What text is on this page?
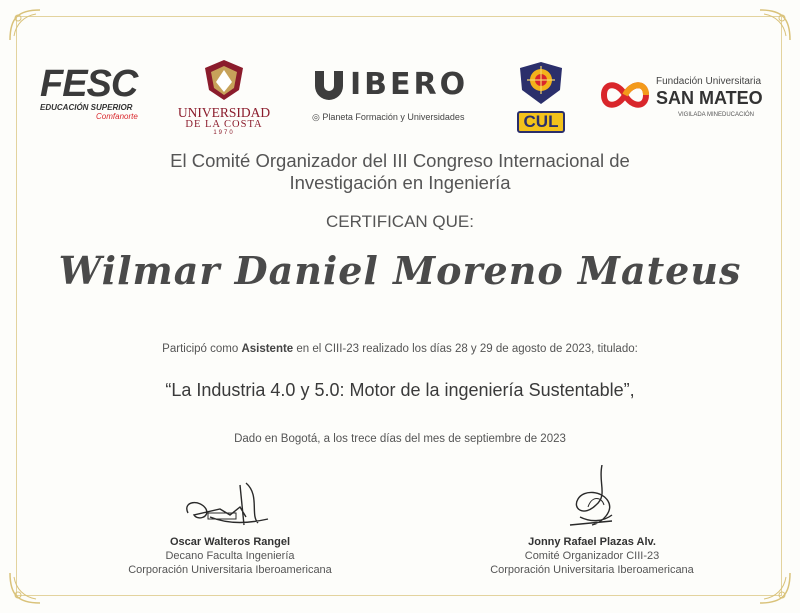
FESC
EDUCACIÓN SUPERIOR
Comfanorte	UNIVERSIDAD
DE LA COSTA
1970
IBERO
◎ Planeta Formación y Universidades	CUL
Fundación Universitaria
SAN MATEO
VIGILADA MINEDUCACIÓN
El Comité Organizador del III Congreso Internacional de
Investigación en Ingeniería
CERTIFICAN QUE:
Wilmar Daniel Moreno Mateus
Participó como Asistente en el CIII-23 realizado los días 28 y 29 de agosto de 2023, titulado:
“La Industria 4.0 y 5.0: Motor de la ingeniería Sustentable”,
Dado en Bogotá, a los trece días del mes de septiembre de 2023
Oscar Walteros Rangel
Decano Faculta Ingeniería
Corporación Universitaria Iberoamericana
Jonny Rafael Plazas Alv.
Comité Organizador CIII-23
Corporación Universitaria Iberoamericana
